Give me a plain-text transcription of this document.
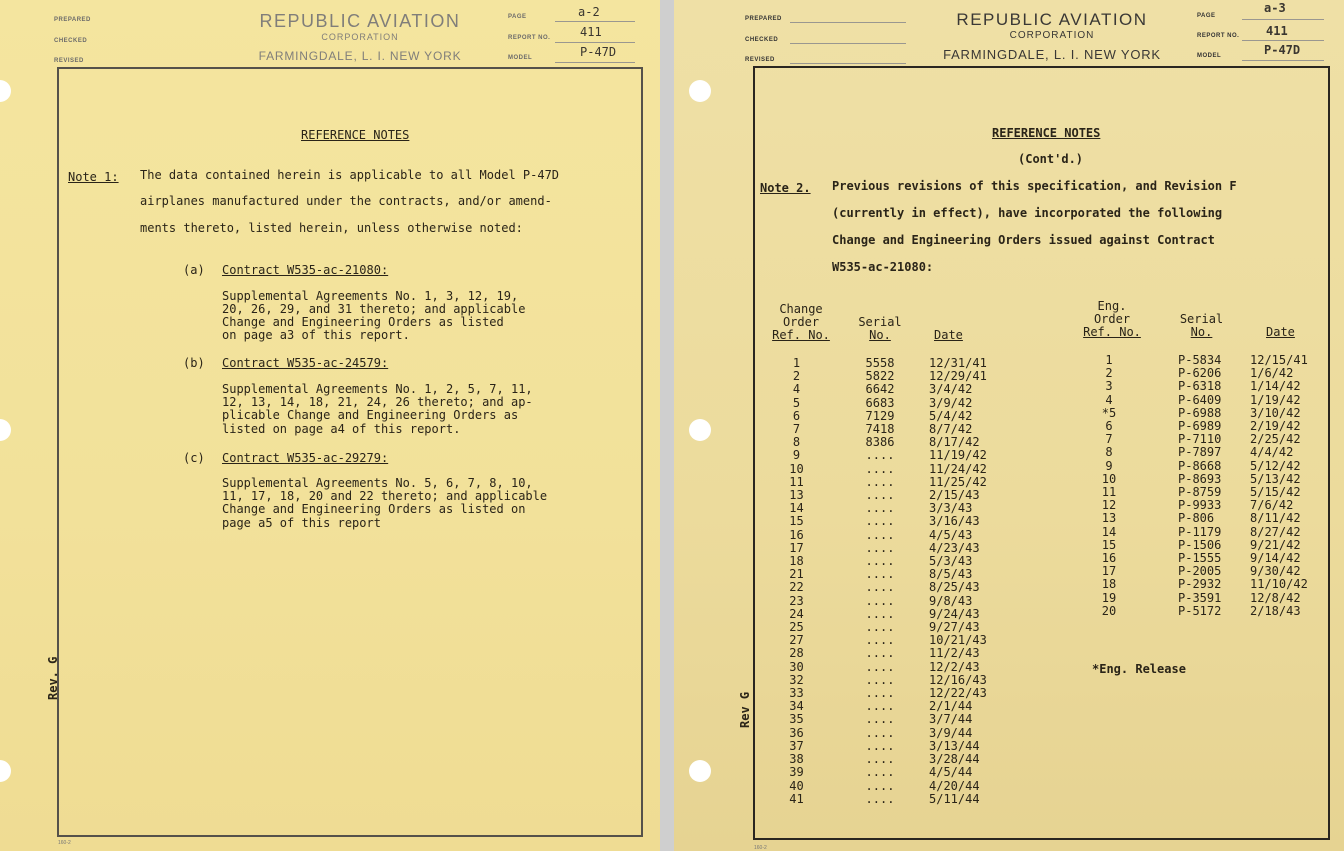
PREPARED
CHECKED
REVISED
REPUBLIC AVIATION
CORPORATION
FARMINGDALE, L. I. NEW YORK
PAGE
REPORT NO.
MODEL
a-2
411
P-47D
REFERENCE NOTES
Note 1: The data contained herein is applicable to all Model P-47D
airplanes manufactured under the contracts, and/or amend-
ments thereto, listed herein, unless otherwise noted:
(a) Contract W535-ac-21080:
Supplemental Agreements No. 1, 3, 12, 19,
20, 26, 29, and 31 thereto; and applicable
Change and Engineering Orders as listed
on page a3 of this report.
(b) Contract W535-ac-24579:
Supplemental Agreements No. 1, 2, 5, 7, 11,
12, 13, 14, 18, 21, 24, 26 thereto; and ap-
plicable Change and Engineering Orders as
listed on page a4 of this report.
(c) Contract W535-ac-29279:
Supplemental Agreements No. 5, 6, 7, 8, 10,
11, 17, 18, 20 and 22 thereto; and applicable
Change and Engineering Orders as listed on
page a5 of this report
Rev. G
160-2
PREPARED
CHECKED
REVISED
REPUBLIC AVIATION
CORPORATION
FARMINGDALE, L. I. NEW YORK
PAGE
REPORT NO.
MODEL
a-3
411
P-47D
REFERENCE NOTES
(Cont'd.)
Note 2. Previous revisions of this specification, and Revision F
(currently in effect), have incorporated the following
Change and Engineering Orders issued against Contract
W535-ac-21080:
Change
Order
Ref. No.
Serial
No.	Date
1
2
4
5
6
7
8
9
10
11
13
14
15
16
17
18
21
22
23
24
25
27
28
30
32
33
34
35
36
37
38
39
40
41
5558
5822
6642
6683
7129
7418
8386
....
....
....
....
....
....
....
....
....
....
....
....
....
....
....
....
....
....
....
....
....
....
....
....
....
....
....
12/31/41
12/29/41
3/4/42
3/9/42
5/4/42
8/7/42
8/17/42
11/19/42
11/24/42
11/25/42
2/15/43
3/3/43
3/16/43
4/5/43
4/23/43
5/3/43
8/5/43
8/25/43
9/8/43
9/24/43
9/27/43
10/21/43
11/2/43
12/2/43
12/16/43
12/22/43
2/1/44
3/7/44
3/9/44
3/13/44
3/28/44
4/5/44
4/20/44
5/11/44
Eng.
Order
Ref. No.
Serial
No.	Date
1
2
3
4
*5
6
7
8
9
10
11
12
13
14
15
16
17
18
19
20
P-5834
P-6206
P-6318
P-6409
P-6988
P-6989
P-7110
P-7897
P-8668
P-8693
P-8759
P-9933
P-806
P-1179
P-1506
P-1555
P-2005
P-2932
P-3591
P-5172
12/15/41
1/6/42
1/14/42
1/19/42
3/10/42
2/19/42
2/25/42
4/4/42
5/12/42
5/13/42
5/15/42
7/6/42
8/11/42
8/27/42
9/21/42
9/14/42
9/30/42
11/10/42
12/8/42
2/18/43
*Eng. Release
Rev G
160-2
